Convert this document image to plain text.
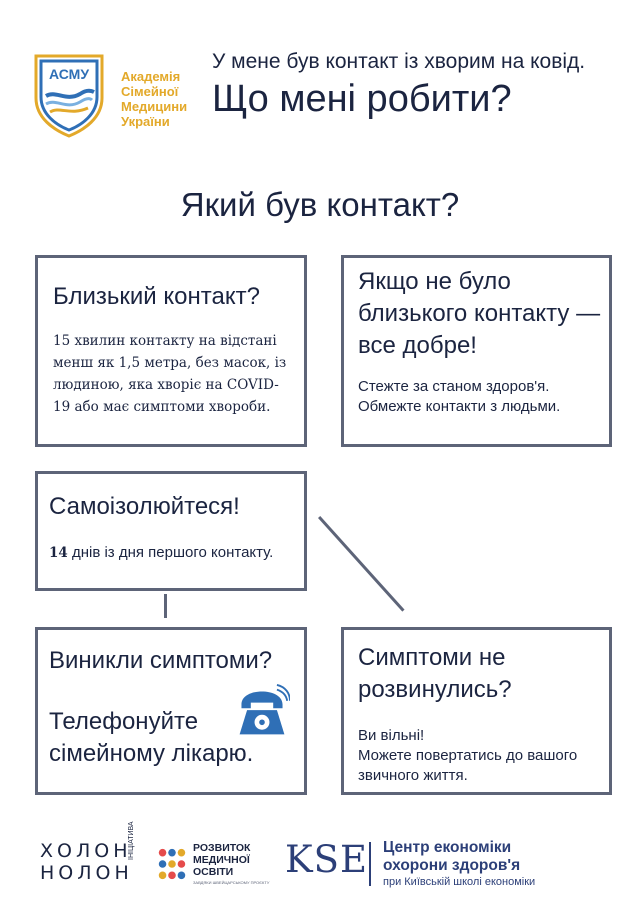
АСМУ Академія
Сімейної
Медицини
України
У мене був контакт із хворим на ковід.
Що мені робити?
Який був контакт?
Близький контакт?
15 хвилин контакту на відстані менш як 1,5 метра, без масок, із людиною, яка хворіє на COVID-19 або має симптоми хвороби.
Якщо не було близького контакту — все добре!
Стежте за станом здоров'я.
Обмежте контакти з людьми.
Самоізолюйтеся!
14 днів із дня першого контакту.
Виникли симптоми?
Телефонуйте
сімейному лікарю.
Симптоми не
розвинулись?
Ви вільні!
Можете повертатись до вашого
звичного життя.
ХОЛОН
НОЛОН
ІНІЦІАТИВА	РОЗВИТОК
МЕДИЧНОЇ
ОСВІТИ
ЗАВДЯКИ ШВЕЙЦАРСЬКОМУ ПРОЄКТУ
KSE Центр економіки
охорони здоров'я
при Київській школі економіки
